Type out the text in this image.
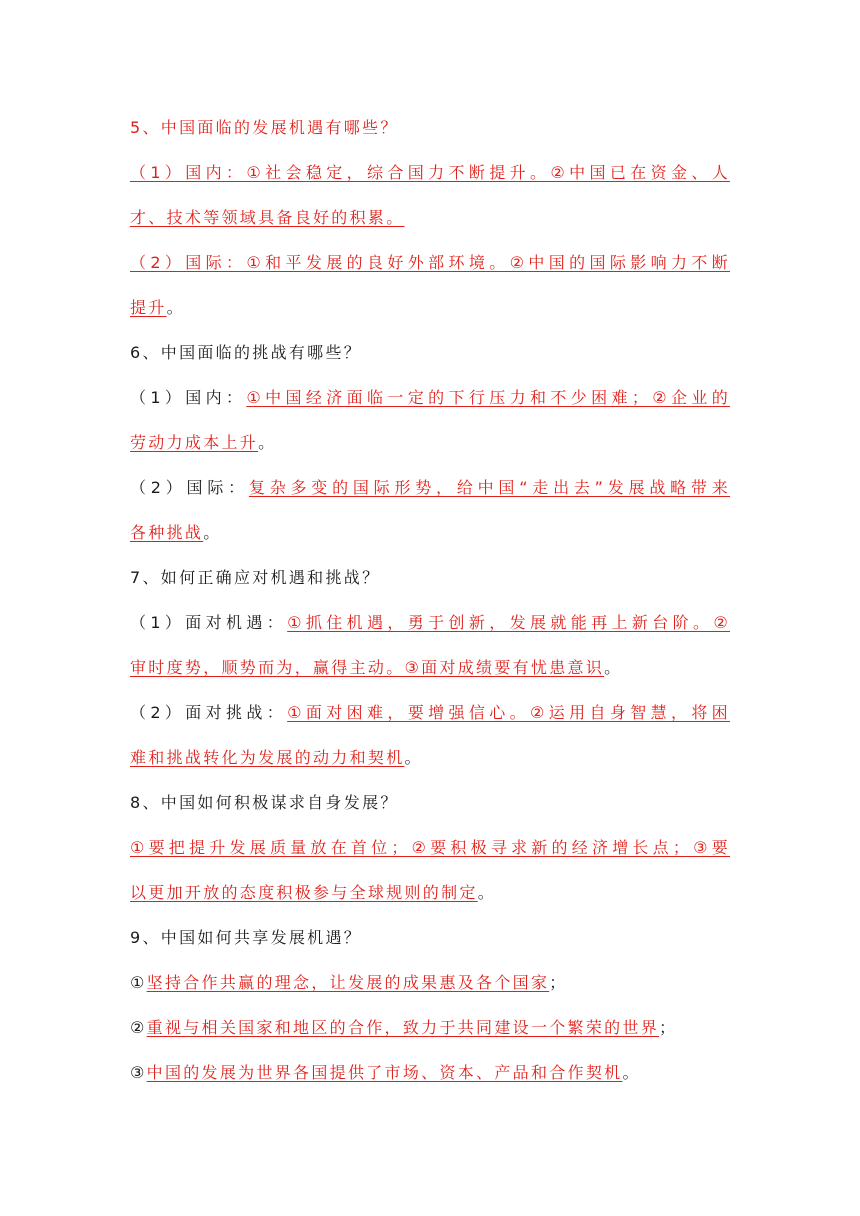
5、中国面临的发展机遇有哪些？

（1）国内：①社会稳定，综合国力不断提升。②中国已在资金、人

才、技术等领域具备良好的积累。

（2）国际：①和平发展的良好外部环境。②中国的国际影响力不断

提升。

6、中国面临的挑战有哪些？

（1）国内：①中国经济面临一定的下行压力和不少困难；②企业的

劳动力成本上升。

（2）国际：复杂多变的国际形势，给中国“走出去”发展战略带来

各种挑战。

7、如何正确应对机遇和挑战？

（1）面对机遇：①抓住机遇，勇于创新，发展就能再上新台阶。②

审时度势，顺势而为，赢得主动。③面对成绩要有忧患意识。

（2）面对挑战：①面对困难，要增强信心。②运用自身智慧，将困

难和挑战转化为发展的动力和契机。

8、中国如何积极谋求自身发展？

①要把提升发展质量放在首位；②要积极寻求新的经济增长点；③要

以更加开放的态度积极参与全球规则的制定。

9、中国如何共享发展机遇？

①坚持合作共赢的理念，让发展的成果惠及各个国家；

②重视与相关国家和地区的合作，致力于共同建设一个繁荣的世界；

③中国的发展为世界各国提供了市场、资本、产品和合作契机。
